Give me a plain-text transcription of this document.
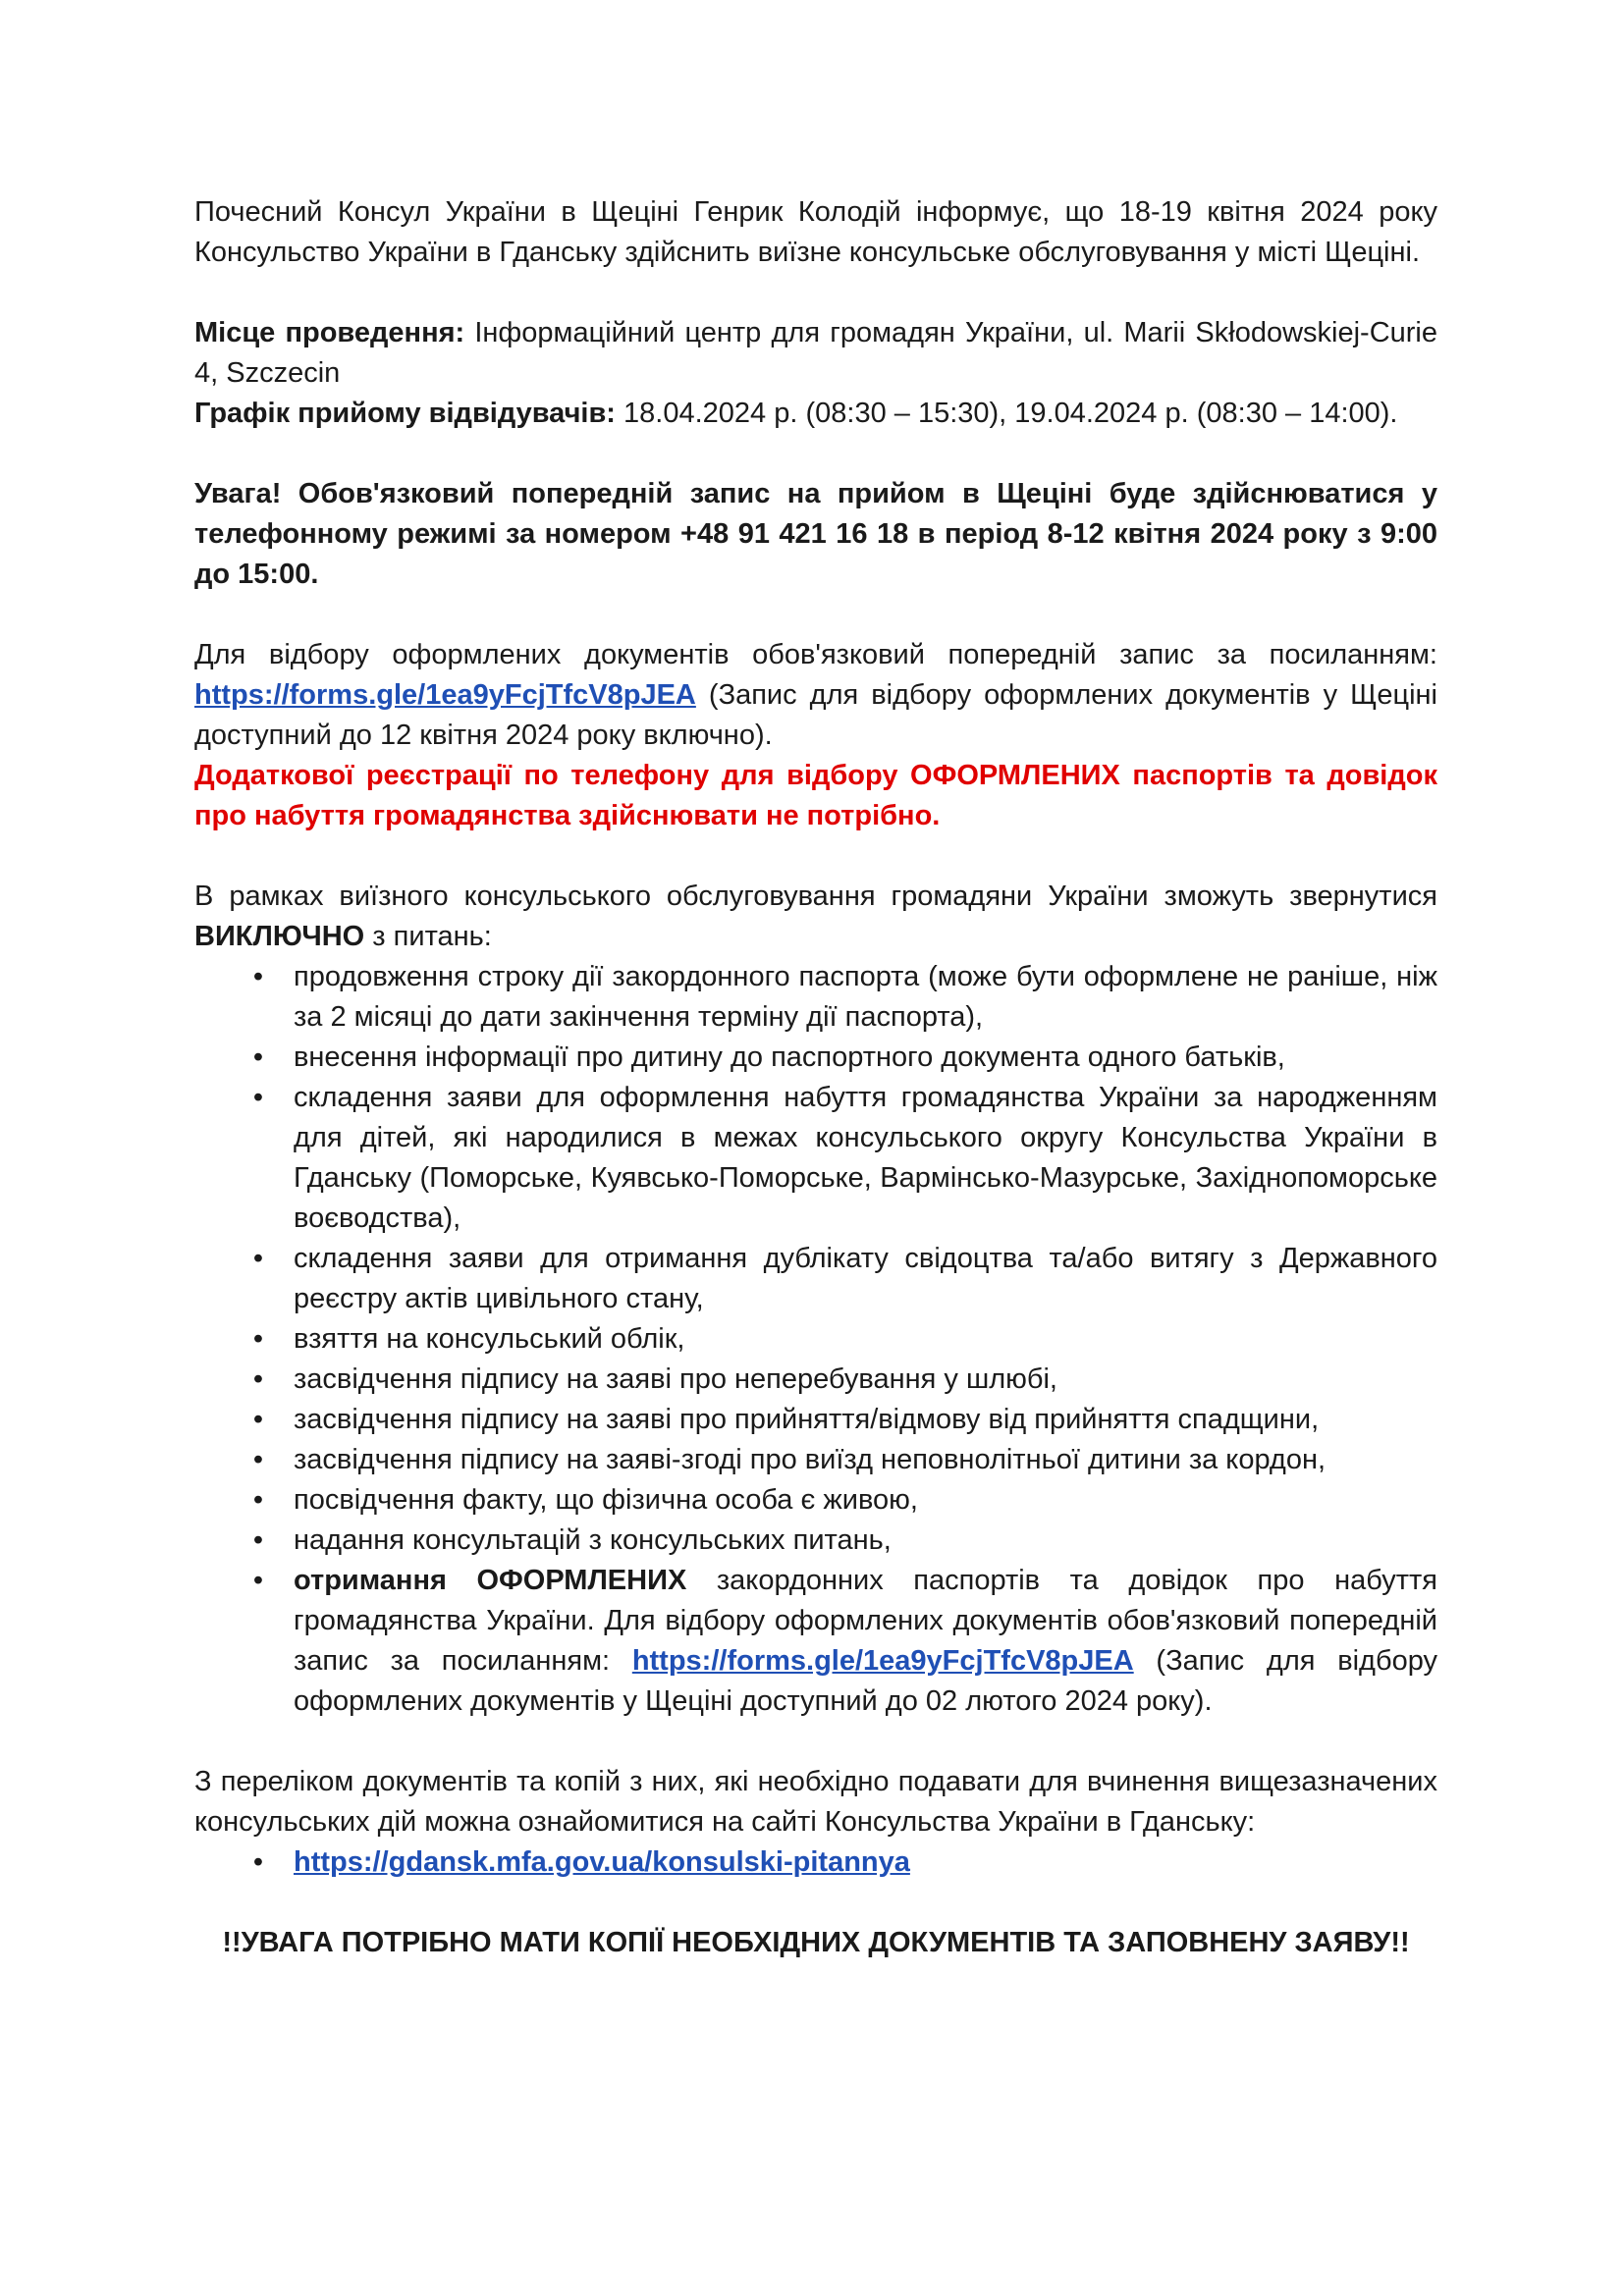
Почесний Консул України в Щеціні Генрик Колодій інформує, що 18-19 квітня 2024 року Консульство України в Гданську здійснить виїзне консульське обслуговування у місті Щеціні.

Місце проведення: Інформаційний центр для громадян України, ul. Marii Skłodowskiej-Curie 4, Szczecin

Графік прийому відвідувачів: 18.04.2024 р. (08:30 – 15:30), 19.04.2024 р. (08:30 – 14:00).

Увага! Обов'язковий попередній запис на прийом в Щеціні буде здійснюватися у телефонному режимі за номером +48 91 421 16 18 в період 8-12 квітня 2024 року з 9:00 до 15:00.

Для відбору оформлених документів обов'язковий попередній запис за посиланням: https://forms.gle/1ea9yFcjTfcV8pJEA (Запис для відбору оформлених документів у Щеціні доступний до 12 квітня 2024 року включно).

Додаткової реєстрації по телефону для відбору ОФОРМЛЕНИХ паспортів та довідок про набуття громадянства здійснювати не потрібно.

В рамках виїзного консульського обслуговування громадяни України зможуть звернутися ВИКЛЮЧНО з питань:

• продовження строку дії закордонного паспорта (може бути оформлене не раніше, ніж за 2 місяці до дати закінчення терміну дії паспорта),
• внесення інформації про дитину до паспортного документа одного батьків,
• складення заяви для оформлення набуття громадянства України за народженням для дітей, які народилися в межах консульського округу Консульства України в Гданську (Поморське, Куявсько-Поморське, Вармінсько-Мазурське, Західнопоморське воєводства),
• складення заяви для отримання дублікату свідоцтва та/або витягу з Державного реєстру актів цивільного стану,
• взяття на консульський облік,
• засвідчення підпису на заяві про неперебування у шлюбі,
• засвідчення підпису на заяві про прийняття/відмову від прийняття спадщини,
• засвідчення підпису на заяві-згоді про виїзд неповнолітньої дитини за кордон,
• посвідчення факту, що фізична особа є живою,
• надання консультацій з консульських питань,
• отримання ОФОРМЛЕНИХ закордонних паспортів та довідок про набуття громадянства України. Для відбору оформлених документів обов'язковий попередній запис за посиланням: https://forms.gle/1ea9yFcjTfcV8pJEA (Запис для відбору оформлених документів у Щеціні доступний до 02 лютого 2024 року).

З переліком документів та копій з них, які необхідно подавати для вчинення вищезазначених консульських дій можна ознайомитися на сайті Консульства України в Гданську:

• https://gdansk.mfa.gov.ua/konsulski-pitannya

!!УВАГА ПОТРІБНО МАТИ КОПІЇ НЕОБХІДНИХ ДОКУМЕНТІВ ТА ЗАПОВНЕНУ ЗАЯВУ!!
